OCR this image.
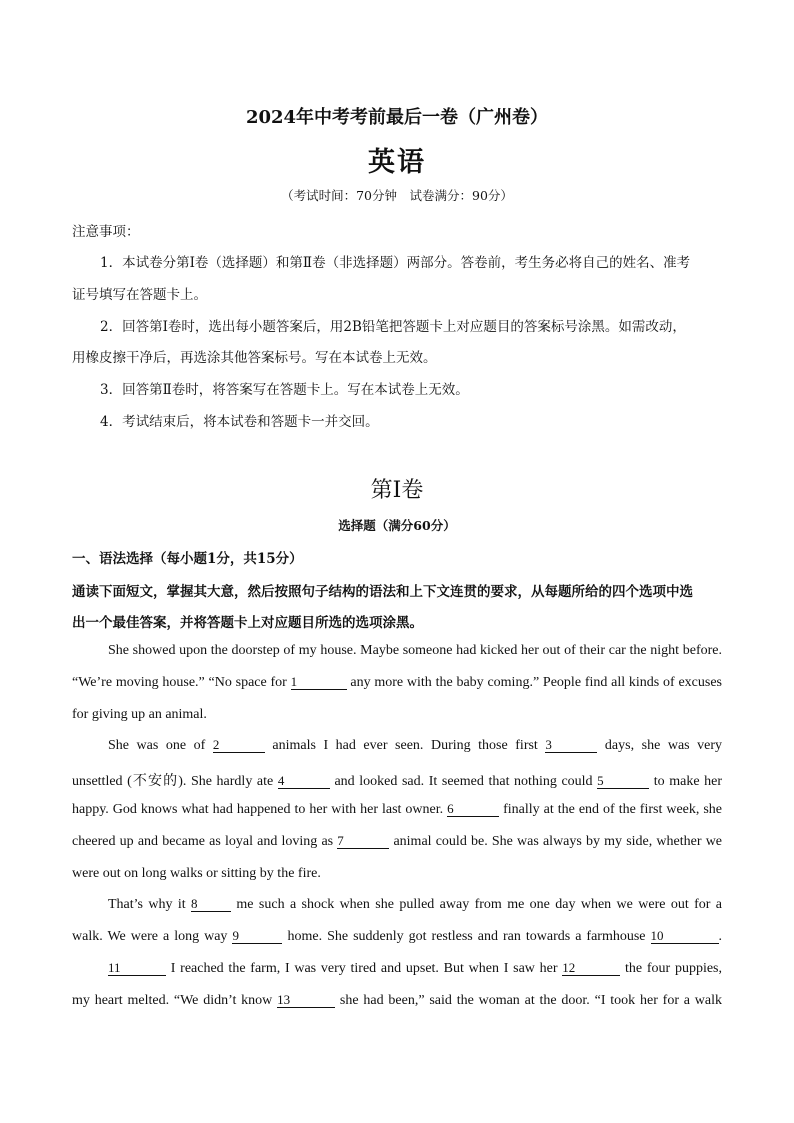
2024年中考考前最后一卷（广州卷）
英语
（考试时间：70分钟　试卷满分：90分）
注意事项：
1．本试卷分第Ⅰ卷（选择题）和第Ⅱ卷（非选择题）两部分。答卷前，考生务必将自己的姓名、准考
证号填写在答题卡上。
2．回答第Ⅰ卷时，选出每小题答案后，用2B铅笔把答题卡上对应题目的答案标号涂黑。如需改动，
用橡皮擦干净后，再选涂其他答案标号。写在本试卷上无效。
3．回答第Ⅱ卷时，将答案写在答题卡上。写在本试卷上无效。
4．考试结束后，将本试卷和答题卡一并交回。
第Ⅰ卷
选择题（满分60分）
一、语法选择（每小题1分，共15分）
通读下面短文，掌握其大意，然后按照句子结构的语法和上下文连贯的要求，从每题所给的四个选项中选
出一个最佳答案，并将答题卡上对应题目所选的选项涂黑。
She showed upon the doorstep of my house. Maybe someone had kicked her out of their car the night before.
“We’re moving house.” “No space for 1	any more with the baby coming.” People find all kinds of excuses
for giving up an animal.
She was one of 2	animals I had ever seen. During those first 3	days, she was very
unsettled (不安的). She hardly ate 4	and looked sad. It seemed that nothing could 5	to make her
happy. God knows what had happened to her with her last owner. 6	finally at the end of the first week, she
cheered up and became as loyal and loving as 7	animal could be. She was always by my side, whether we
were out on long walks or sitting by the fire.
That’s why it 8	me such a shock when she pulled away from me one day when we were out for a
walk. We were a long way 9	home. She suddenly got restless and ran towards a farmhouse 10	.
11	I reached the farm, I was very tired and upset. But when I saw her 12	the four puppies,
my heart melted. “We didn’t know 13	she had been,” said the woman at the door. “I took her for a walk
